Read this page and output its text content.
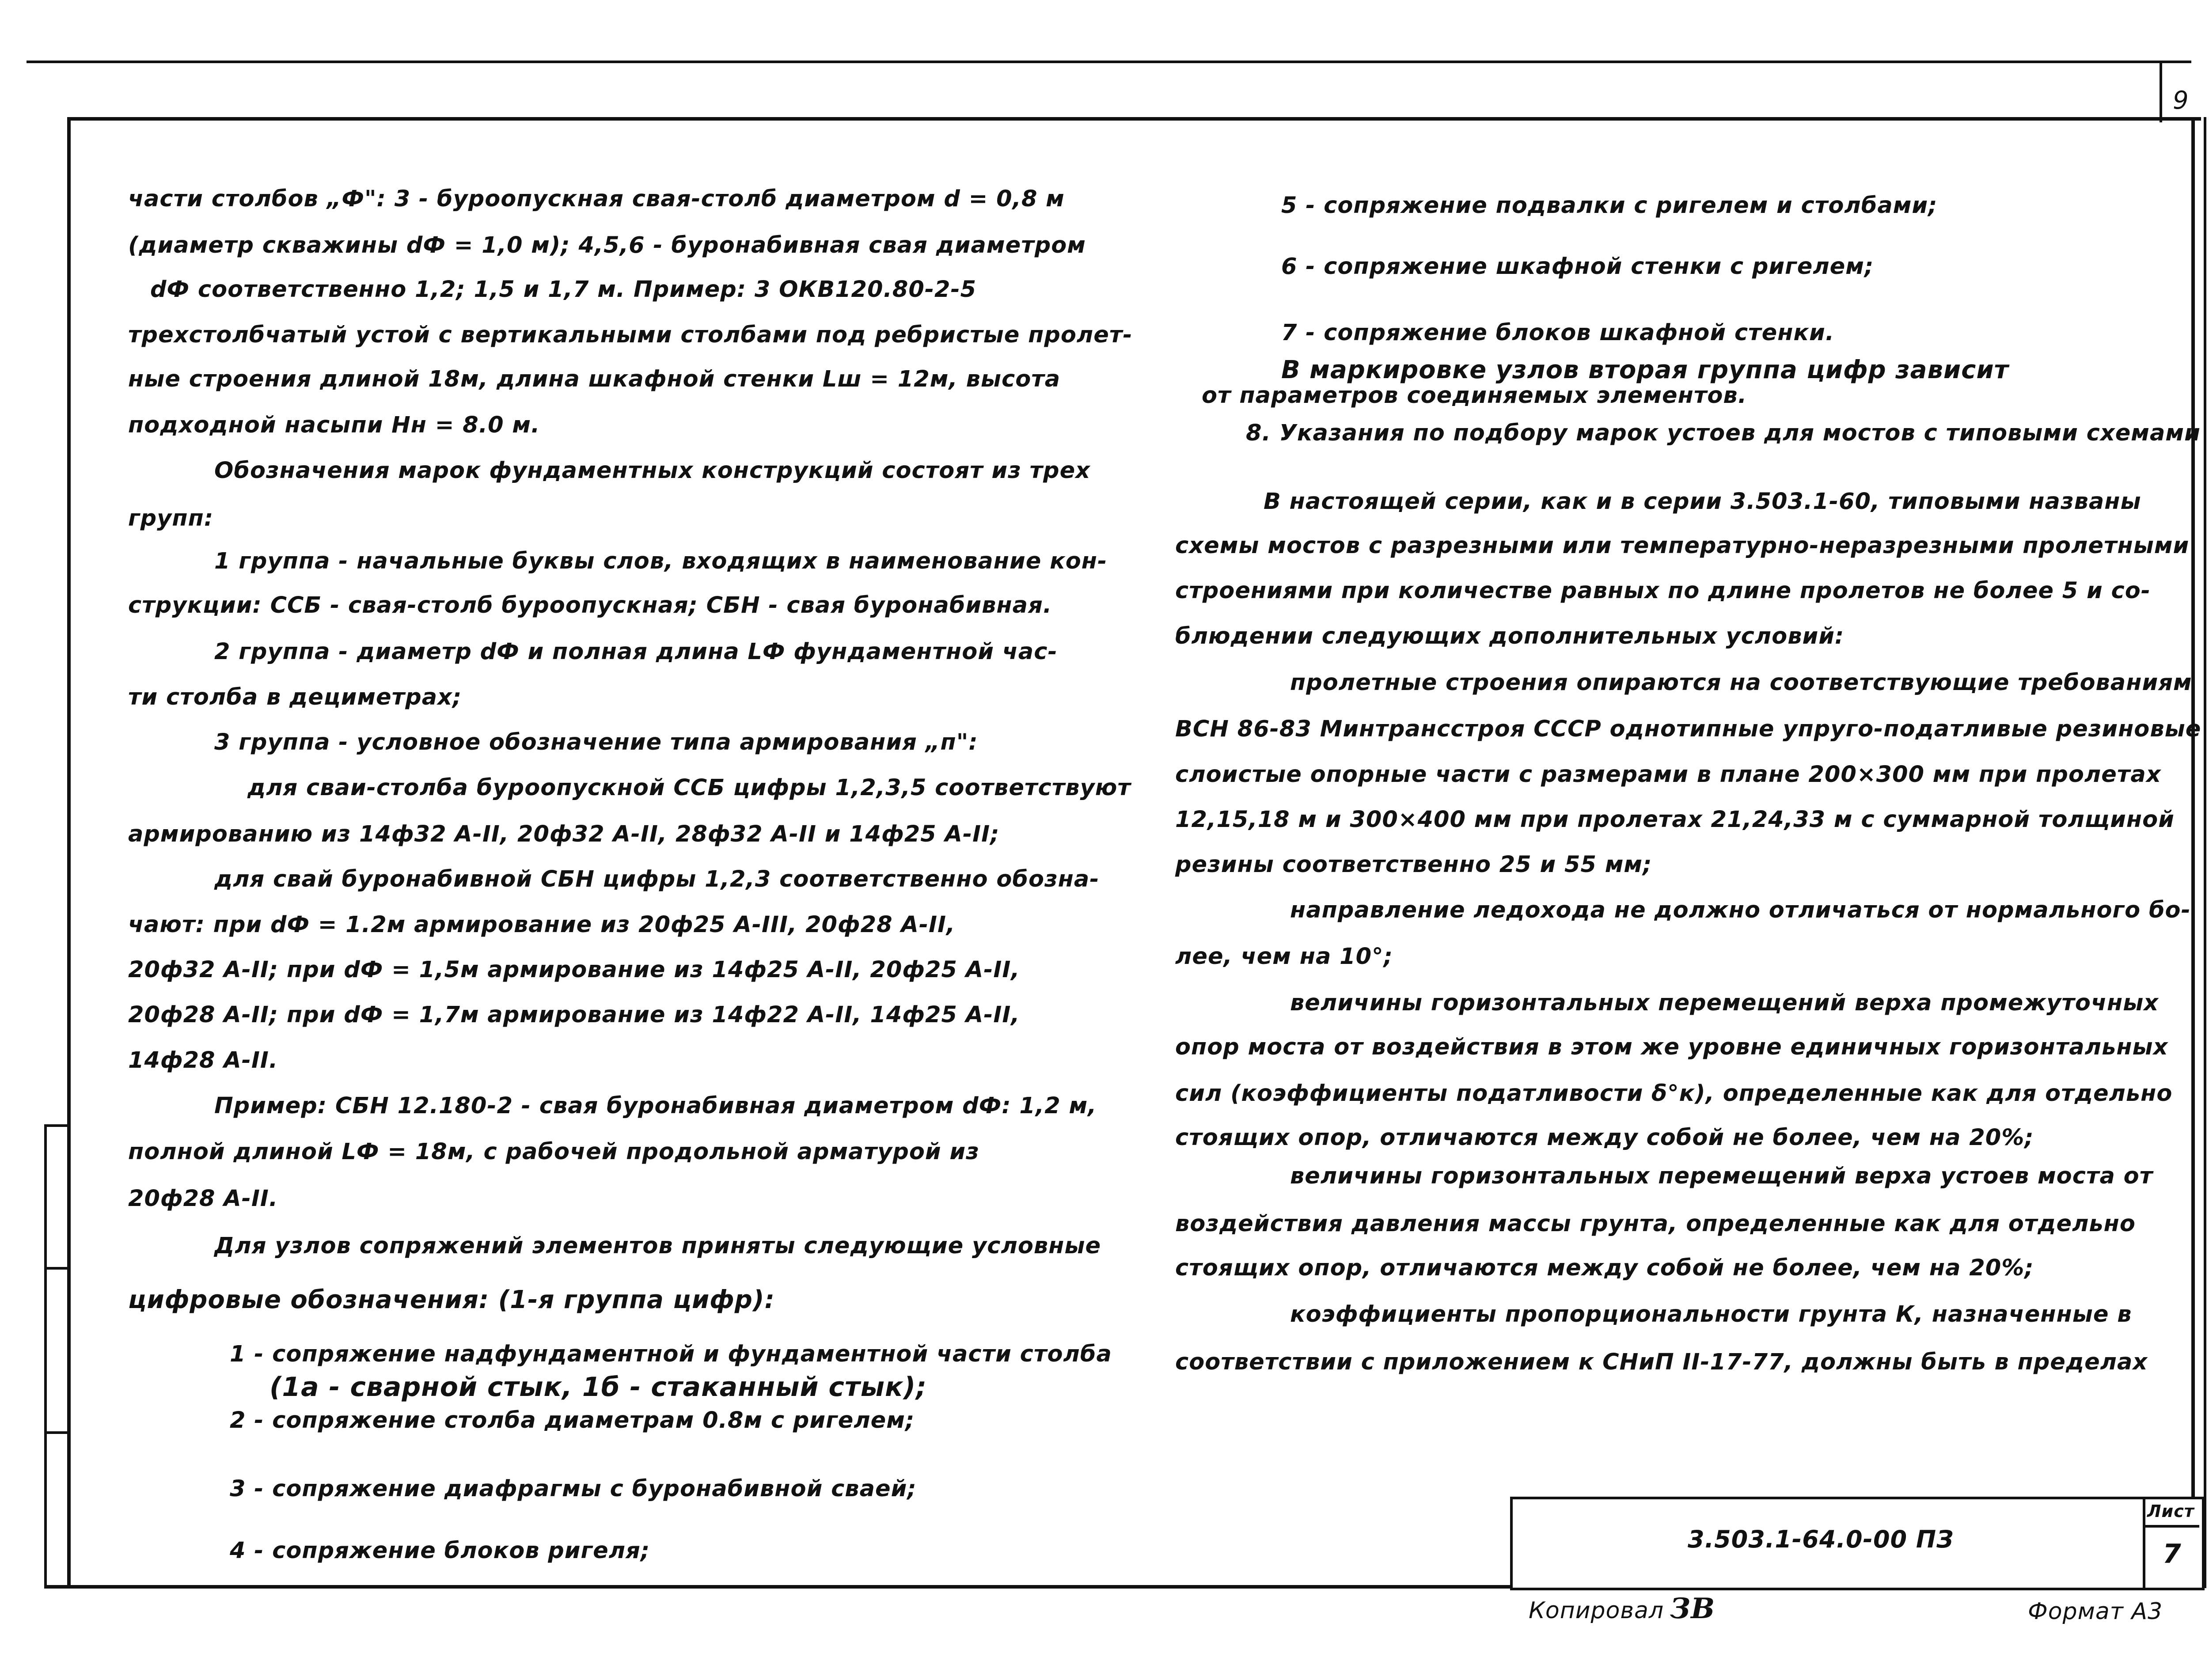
9
части столбов „Ф": 3 - буроопускная свая-столб диаметром d = 0,8 м
(диаметр скважины dФ = 1,0 м); 4,5,6 - буронабивная свая диаметром
dФ соответственно 1,2; 1,5 и 1,7 м. Пример: 3 ОКВ120.80-2-5
трехстолбчатый устой с вертикальными столбами под ребристые пролет-
ные строения длиной 18м, длина шкафной стенки Lш = 12м, высота
подходной насыпи Hн = 8.0 м.
Обозначения марок фундаментных конструкций состоят из трех
групп:
1 группа - начальные буквы слов, входящих в наименование кон-
струкции: ССБ - свая-столб буроопускная; СБН - свая буронабивная.
2 группа - диаметр dФ и полная длина LФ фундаментной час-
ти столба в дециметрах;
3 группа - условное обозначение типа армирования „п":
для сваи-столба буроопускной ССБ цифры 1,2,3,5 соответствуют
армированию из 14ф32 А-II, 20ф32 А-II, 28ф32 А-II и 14ф25 А-II;
для свай буронабивной СБН цифры 1,2,3 соответственно обозна-
чают: при dФ = 1.2м армирование из 20ф25 А-III, 20ф28 А-II,
20ф32 А-II; при dФ = 1,5м армирование из 14ф25 А-II, 20ф25 А-II,
20ф28 А-II; при dФ = 1,7м армирование из 14ф22 А-II, 14ф25 А-II,
14ф28 А-II.
Пример: СБН 12.180-2 - свая буронабивная диаметром dФ: 1,2 м,
полной длиной LФ = 18м, с рабочей продольной арматурой из
20ф28 А-II.
Для узлов сопряжений элементов приняты следующие условные
цифровые обозначения: (1-я группа цифр):
1 - сопряжение надфундаментной и фундаментной части столба
(1а - сварной стык, 1б - стаканный стык);
2 - сопряжение столба диаметрам 0.8м с ригелем;
3 - сопряжение диафрагмы с буронабивной сваей;
4 - сопряжение блоков ригеля;
5 - сопряжение подвалки с ригелем и столбами;
6 - сопряжение шкафной стенки с ригелем;
7 - сопряжение блоков шкафной стенки.
В маркировке узлов вторая группа цифр зависит
от параметров соединяемых элементов.
8. Указания по подбору марок устоев для мостов с типовыми схемами
В настоящей серии, как и в серии 3.503.1-60, типовыми названы
схемы мостов с разрезными или температурно-неразрезными пролетными
строениями при количестве равных по длине пролетов не более 5 и со-
блюдении следующих дополнительных условий:
пролетные строения опираются на соответствующие требованиям
ВСН 86-83 Минтрансстроя СССР однотипные упруго-податливые резиновые
слоистые опорные части с размерами в плане 200×300 мм при пролетах
12,15,18 м и 300×400 мм при пролетах 21,24,33 м с суммарной толщиной
резины соответственно 25 и 55 мм;
направление ледохода не должно отличаться от нормального бо-
лее, чем на 10°;
величины горизонтальных перемещений верха промежуточных
опор моста от воздействия в этом же уровне единичных горизонтальных
сил (коэффициенты податливости δ°к), определенные как для отдельно
стоящих опор, отличаются между собой не более, чем на 20%;
величины горизонтальных перемещений верха устоев моста от
воздействия давления массы грунта, определенные как для отдельно
стоящих опор, отличаются между собой не более, чем на 20%;
коэффициенты пропорциональности грунта К, назначенные в
соответствии с приложением к СНиП II-17-77, должны быть в пределах
3.503.1-64.0-00 ПЗ
Лист
7
Копировал ЗВ	Формат А3
